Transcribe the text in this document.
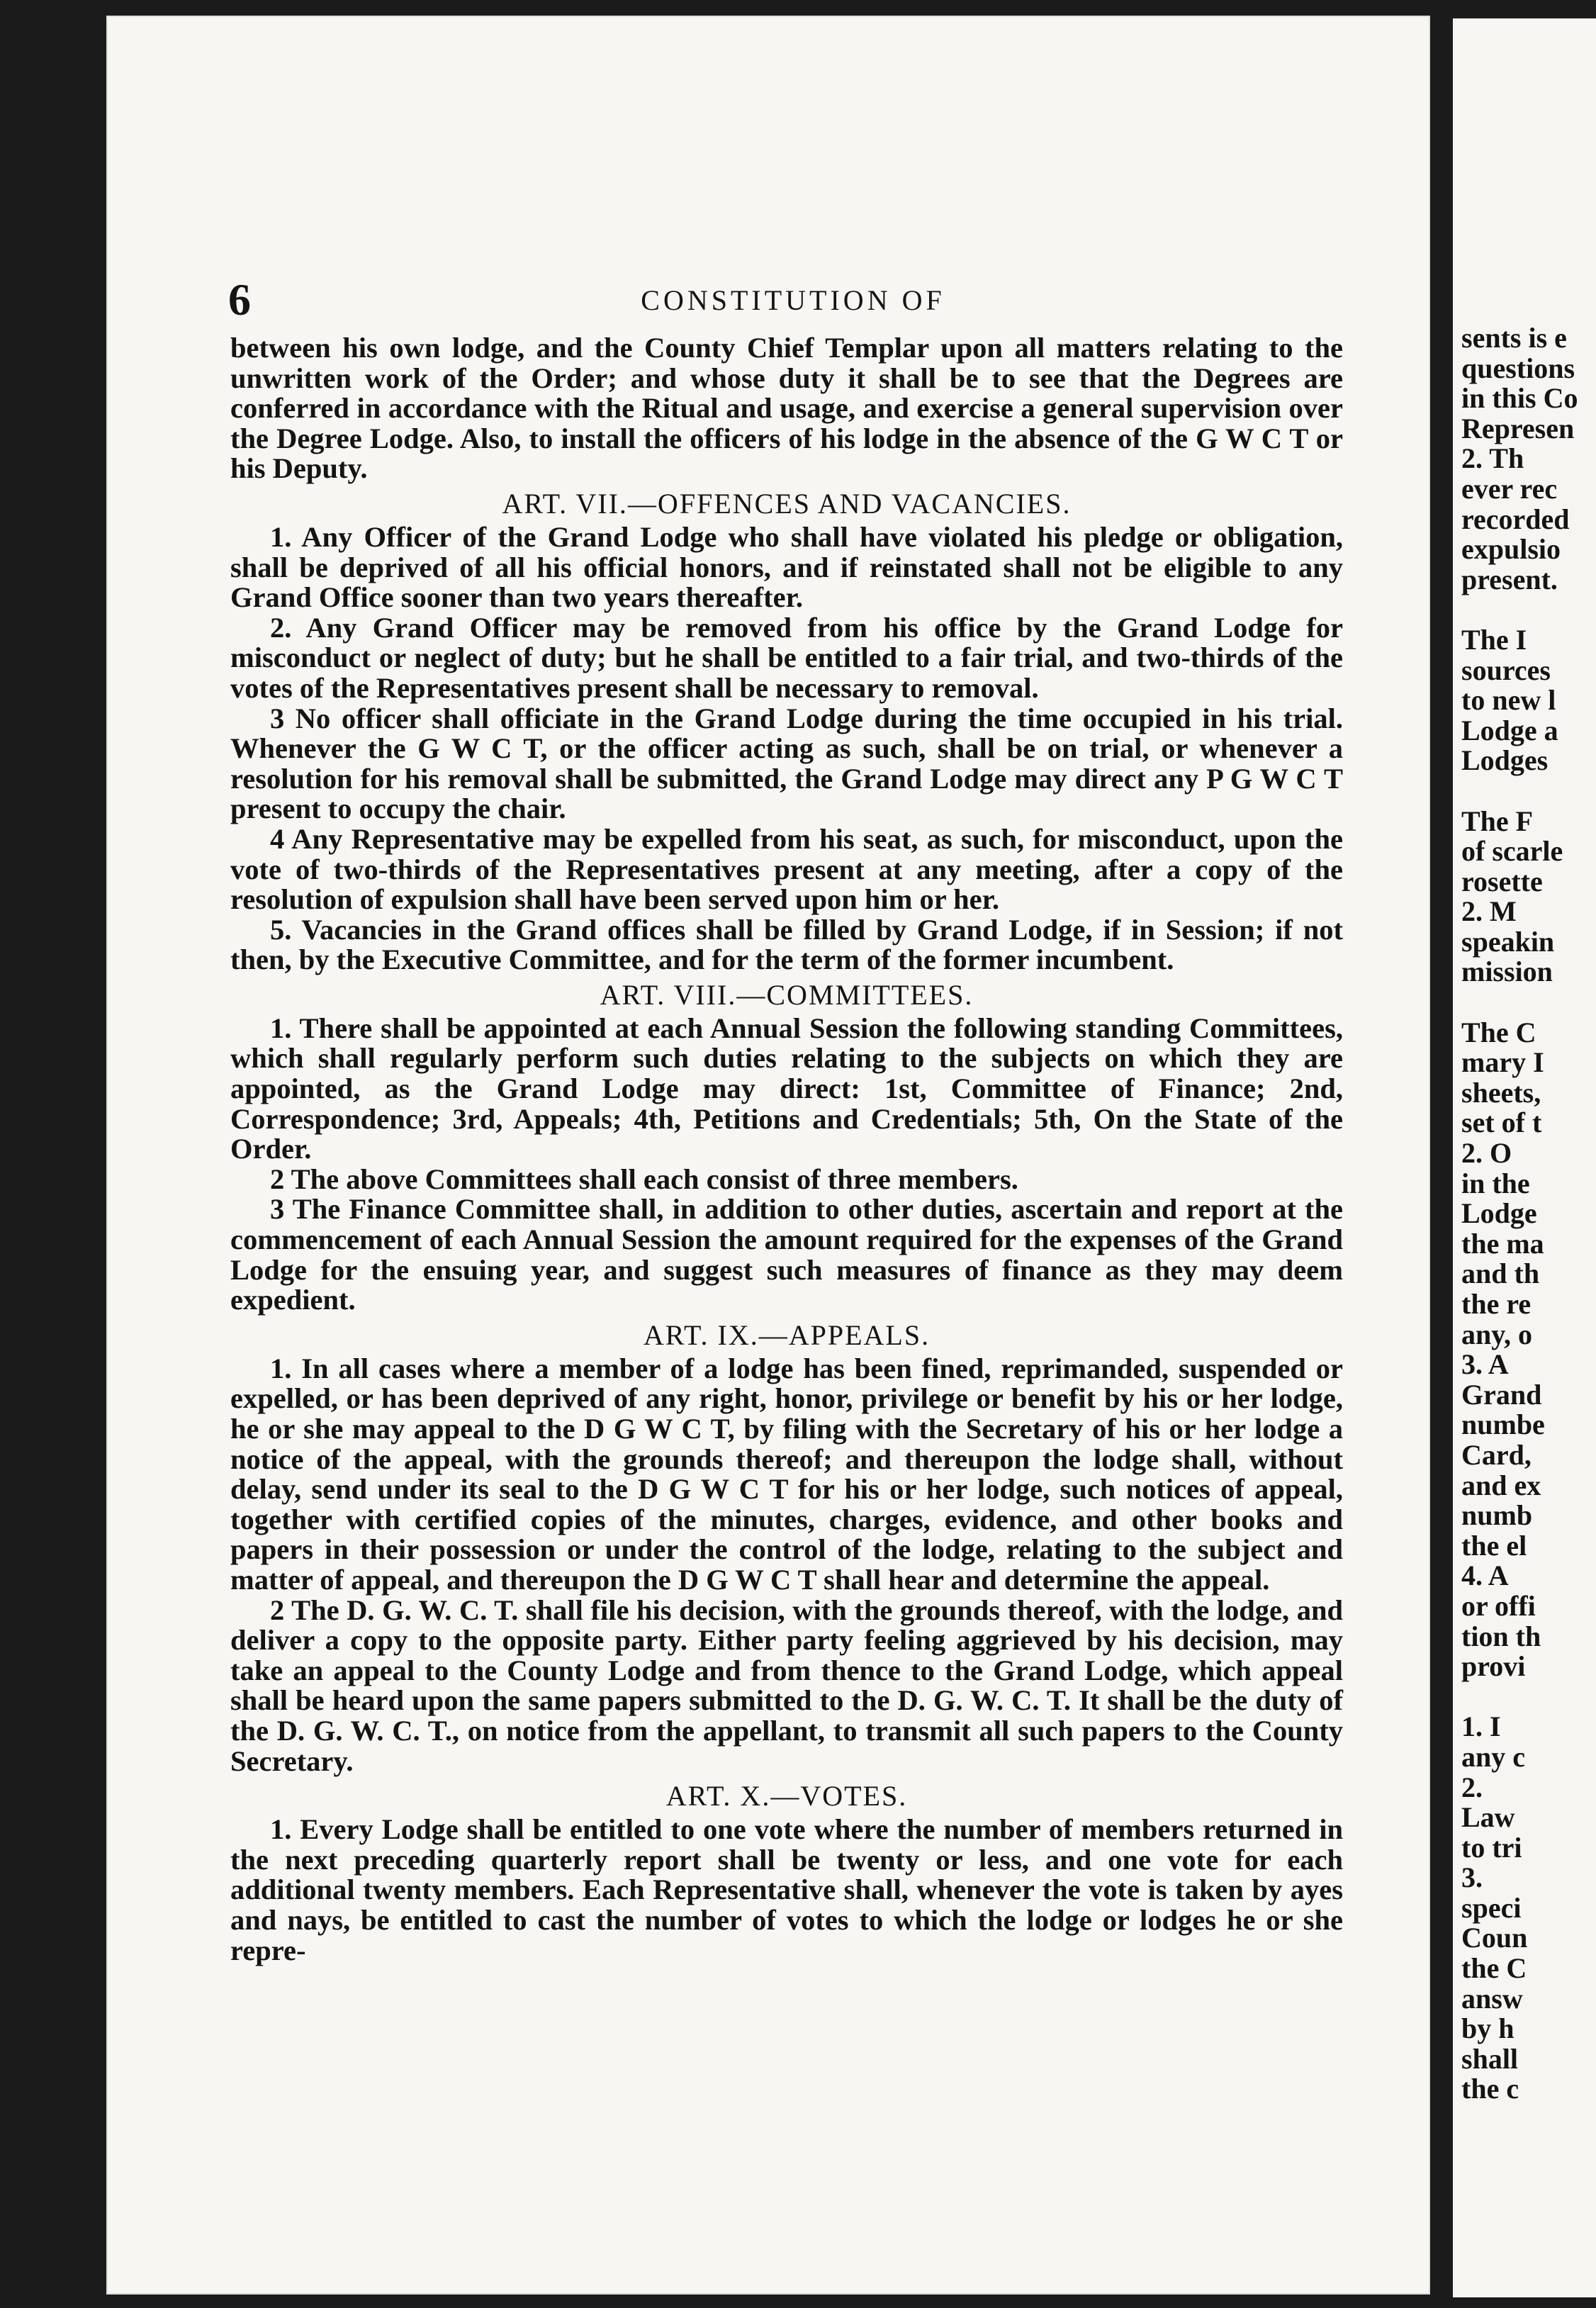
6	CONSTITUTION OF

between his own lodge, and the County Chief Templar upon all matters relating to the unwritten work of the Order; and whose duty it shall be to see that the Degrees are conferred in accordance with the Ritual and usage, and exercise a general supervision over the Degree Lodge. Also, to install the officers of his lodge in the absence of the G W C T or his Deputy.

ART. VII.—OFFENCES AND VACANCIES.

1. Any Officer of the Grand Lodge who shall have violated his pledge or obligation, shall be deprived of all his official honors, and if reinstated shall not be eligible to any Grand Office sooner than two years thereafter.

2. Any Grand Officer may be removed from his office by the Grand Lodge for misconduct or neglect of duty; but he shall be entitled to a fair trial, and two-thirds of the votes of the Representatives present shall be necessary to removal.

3 No officer shall officiate in the Grand Lodge during the time occupied in his trial. Whenever the G W C T, or the officer acting as such, shall be on trial, or whenever a resolution for his removal shall be submitted, the Grand Lodge may direct any P G W C T present to occupy the chair.

4 Any Representative may be expelled from his seat, as such, for misconduct, upon the vote of two-thirds of the Representatives present at any meeting, after a copy of the resolution of expulsion shall have been served upon him or her.

5. Vacancies in the Grand offices shall be filled by Grand Lodge, if in Session; if not then, by the Executive Committee, and for the term of the former incumbent.

ART. VIII.—COMMITTEES.

1. There shall be appointed at each Annual Session the following standing Committees, which shall regularly perform such duties relating to the subjects on which they are appointed, as the Grand Lodge may direct: 1st, Committee of Finance; 2nd, Correspondence; 3rd, Appeals; 4th, Petitions and Credentials; 5th, On the State of the Order.

2 The above Committees shall each consist of three members.

3 The Finance Committee shall, in addition to other duties, ascertain and report at the commencement of each Annual Session the amount required for the expenses of the Grand Lodge for the ensuing year, and suggest such measures of finance as they may deem expedient.

ART. IX.—APPEALS.

1. In all cases where a member of a lodge has been fined, reprimanded, suspended or expelled, or has been deprived of any right, honor, privilege or benefit by his or her lodge, he or she may appeal to the D G W C T, by filing with the Secretary of his or her lodge a notice of the appeal, with the grounds thereof; and thereupon the lodge shall, without delay, send under its seal to the D G W C T for his or her lodge, such notices of appeal, together with certified copies of the minutes, charges, evidence, and other books and papers in their possession or under the control of the lodge, relating to the subject and matter of appeal, and thereupon the D G W C T shall hear and determine the appeal.

2 The D. G. W. C. T. shall file his decision, with the grounds thereof, with the lodge, and deliver a copy to the opposite party. Either party feeling aggrieved by his decision, may take an appeal to the County Lodge and from thence to the Grand Lodge, which appeal shall be heard upon the same papers submitted to the D. G. W. C. T. It shall be the duty of the D. G. W. C. T., on notice from the appellant, to transmit all such papers to the County Secretary.

ART. X.—VOTES.

1. Every Lodge shall be entitled to one vote where the number of members returned in the next preceding quarterly report shall be twenty or less, and one vote for each additional twenty members. Each Representative shall, whenever the vote is taken by ayes and nays, be entitled to cast the number of votes to which the lodge or lodges he or she repre-

sents is e
questions
in this Co
Represen
2. Th
ever rec
recorded
expulsio
present.
The I
sources
to new l
Lodge a
Lodges
The F
of scarle
rosette
2. M
speakin
mission
The C
mary I
sheets,
set of t
2. O
in the
Lodge
the ma
and th
the re
any, o
3. A
Grand
numbe
Card,
and ex
numb
the el
4. A
or offi
tion th
provi
1. I
any c
2.
Law
to tri
3.
speci
Coun
the C
answ
by h
shall
the c
